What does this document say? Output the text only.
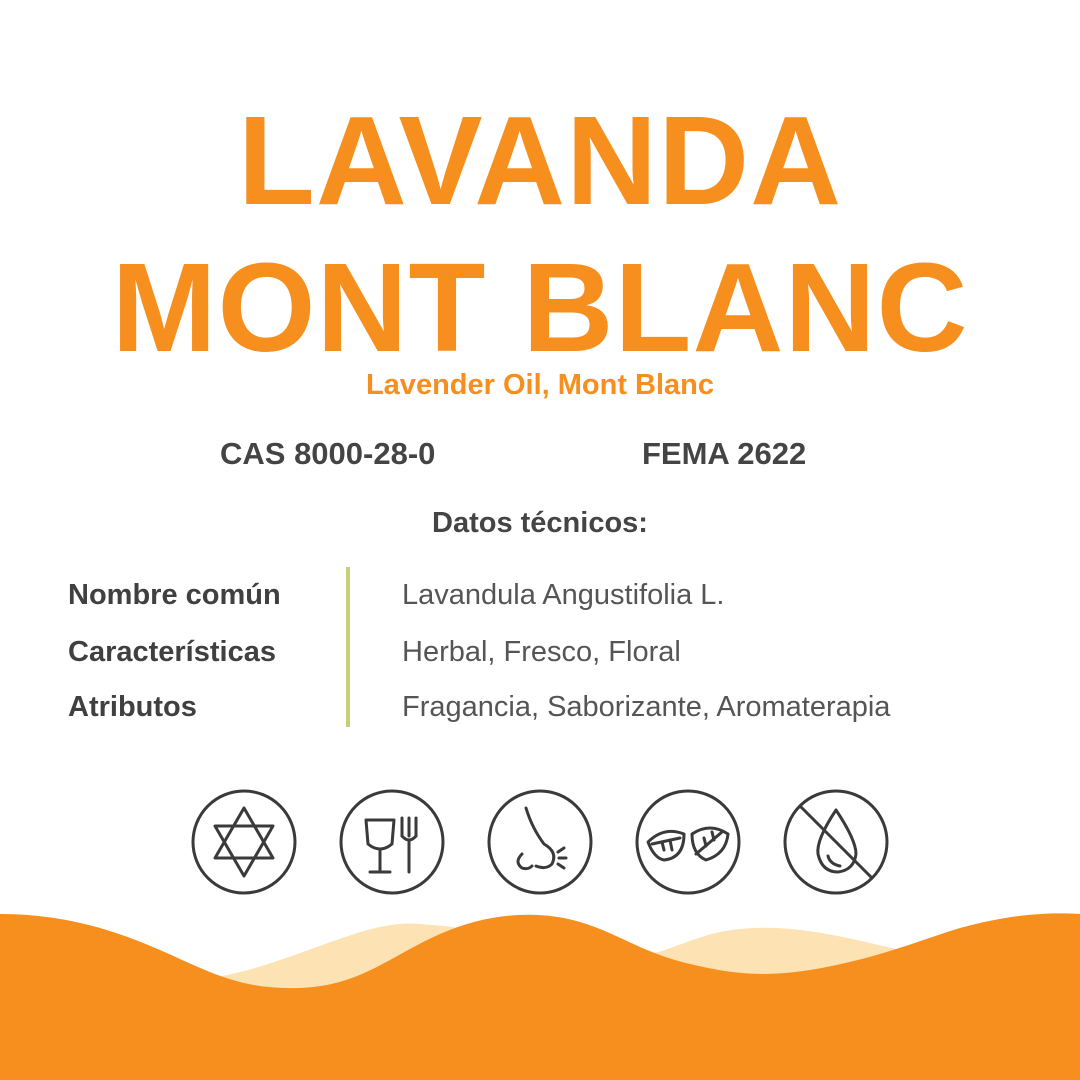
LAVANDA
MONT BLANC
Lavender Oil, Mont Blanc
CAS 8000-28-0	FEMA 2622
Datos técnicos:
Nombre común	Lavandula Angustifolia L.
Características	Herbal, Fresco, Floral
Atributos	Fragancia, Saborizante, Aromaterapia
